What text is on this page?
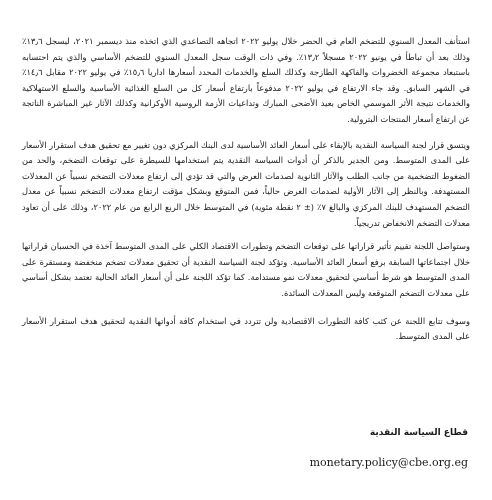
استأنف المعدل السنوي للتضخم العام في الحضر خلال يوليو ٢٠٢٢ اتجاهه التصاعدي الذي اتخذه منذ ديسمبر ٢٠٢١، ليسجل ١٣٫٦٪ وذلك بعد أن تباطأ في يونيو ٢٠٢٢ مسجلاً ١٣٫٢٪. وفي ذات الوقت سجل المعدل السنوي للتضخم الأساسي والذي يتم احتسابه باستبعاد مجموعة الخضروات والفاكهة الطازجة وكذلك السلع والخدمات المحدد أسعارها اداريا ١٥٫٦٪ في يوليو ٢٠٢٢ مقابل ١٤٫٦٪ في الشهر السابق. وقد جاء الارتفاع في يوليو ٢٠٢٢ مدفوعاً بارتفاع أسعار كل من السلع الغذائية الأساسية والسلع الاستهلاكية والخدمات نتيجة الأثر الموسمي الخاص بعيد الأضحى المبارك وتداعيات الأزمة الروسية الأوكرانية وكذلك الآثار غير المباشرة الناتجة عن ارتفاع أسعار المنتجات البترولية.

ويتسق قرار لجنة السياسة النقدية بالإبقاء على أسعار العائد الأساسية لدى البنك المركزي دون تغيير مع تحقيق هدف استقرار الأسعار على المدى المتوسط. ومن الجدير بالذكر أن أدوات السياسة النقدية يتم استخدامها للسيطرة على توقعات التضخم، والحد من الضغوط التضخمية من جانب الطلب والآثار الثانوية لصدمات العرض والتي قد تؤدي إلى ارتفاع معدلات التضخم نسبياً عن المعدلات المستهدفة. وبالنظر إلى الآثار الأولية لصدمات العرض حالياً، فمن المتوقع وبشكل مؤقت ارتفاع معدلات التضخم نسبياً عن معدل التضخم المستهدف للبنك المركزي والبالغ ٧٪ (± ٢ نقطة مئوية) في المتوسط خلال الربع الرابع من عام ٢٠٢٢، وذلك على أن تعاود معدلات التضخم الانخفاض تدريجياً.

وستواصل اللجنة تقييم تأثير قراراتها على توقعات التضخم وتطورات الاقتصاد الكلي على المدى المتوسط آخذة في الحسبان قراراتها خلال اجتماعاتها السابقة برفع أسعار العائد الأساسية. وتؤكد لجنة السياسة النقدية أن تحقيق معدلات تضخم منخفضة ومستقرة على المدى المتوسط هو شرط أساسي لتحقيق معدلات نمو مستدامة. كما تؤكد اللجنة على أن أسعار العائد الحالية تعتمد بشكل أساسي على معدلات التضخم المتوقعة وليس المعدلات السائدة.

وسوف تتابع اللجنة عن كثب كافة التطورات الاقتصادية ولن تتردد في استخدام كافة أدواتها النقدية لتحقيق هدف استقرار الأسعار على المدى المتوسط.

قطاع السياسة النقدية
monetary.policy@cbe.org.eg
